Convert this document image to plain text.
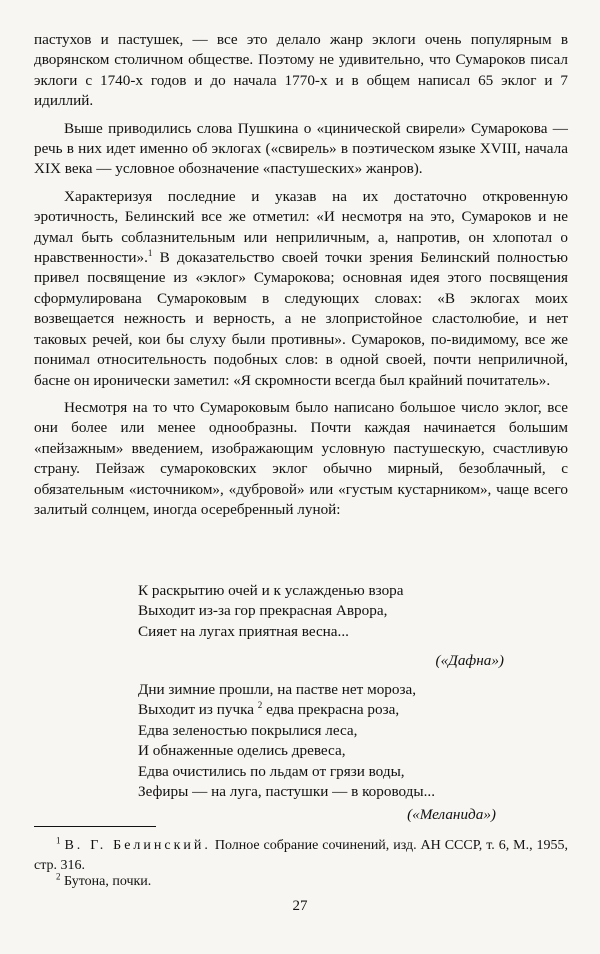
пастухов и пастушек, — все это делало жанр эклоги очень популярным в дворянском столичном обществе. Поэтому не удивительно, что Сумароков писал эклоги с 1740-х годов и до начала 1770-х и в общем написал 65 эклог и 7 идиллий.

Выше приводились слова Пушкина о «цинической свирели» Сумарокова — речь в них идет именно об эклогах («свирель» в поэтическом языке XVIII, начала XIX века — условное обозначение «пастушеских» жанров).

Характеризуя последние и указав на их достаточно откровенную эротичность, Белинский все же отметил: «И несмотря на это, Сумароков и не думал быть соблазнительным или неприличным, а, напротив, он хлопотал о нравственности».$^1$ В доказательство своей точки зрения Белинский полностью привел посвящение из «эклог» Сумарокова; основная идея этого посвящения сформулирована Сумароковым в следующих словах: «В эклогах моих возвещается нежность и верность, а не злопристойное сластолюбие, и нет таковых речей, кои бы слуху были противны». Сумароков, по-видимому, все же понимал относительность подобных слов: в одной своей, почти неприличной, басне он иронически заметил: «Я скромности всегда был крайний почитатель».

Несмотря на то что Сумароковым было написано большое число эклог, все они более или менее однообразны. Почти каждая начинается большим «пейзажным» введением, изображающим условную пастушескую, счастливую страну. Пейзаж сумароковских эклог обычно мирный, безоблачный, с обязательным «источником», «дубровой» или «густым кустарником», чаще всего залитый солнцем, иногда осеребренный луной:

К раскрытию очей и к услажденью взора
Выходит из-за гор прекрасная Аврора,
Сияет на лугах приятная весна...
(«Дафна»)
Дни зимние прошли, на пастве нет мороза,
Выходит из пучка $^2$ едва прекрасна роза,
Едва зеленостью покрылися леса,
И обнаженные оделись древеса,
Едва очистились по льдам от грязи воды,
Зефиры — на луга, пастушки — в короводы...
(«Меланида»)

$^1$ В. Г. Белинский. Полное собрание сочинений, изд. АН СССР, т. 6, М., 1955, стр. 316.

$^2$ Бутона, почки.

27
